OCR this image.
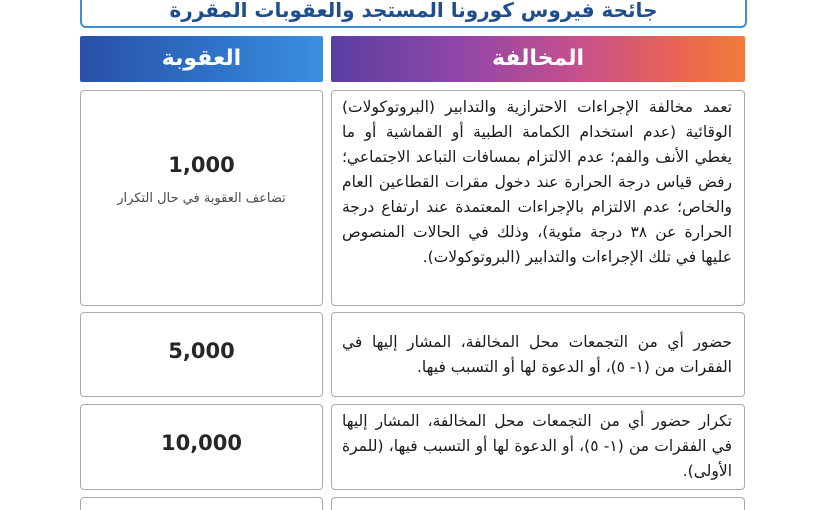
جائحة فيروس كورونا المستجد والعقوبات المقررة
المخالفة
العقوبة
تعمد مخالفة الإجراءات الاحترازية والتدابير (البروتوكولات) الوقائية (عدم استخدام الكمامة الطبية أو القماشية أو ما يغطي الأنف والفم؛ عدم الالتزام بمسافات التباعد الاجتماعي؛ رفض قياس درجة الحرارة عند دخول مقرات القطاعين العام والخاص؛ عدم الالتزام بالإجراءات المعتمدة عند ارتفاع درجة الحرارة عن ٣٨ درجة مئوية)، وذلك في الحالات المنصوص عليها في تلك الإجراءات والتدابير (البروتوكولات).
1,000
تضاعف العقوبة في حال التكرار
حضور أي من التجمعات محل المخالفة، المشار إليها في الفقرات من (١- ٥)، أو الدعوة لها أو التسبب فيها.
5,000
تكرار حضور أي من التجمعات محل المخالفة، المشار إليها في الفقرات من (١- ٥)، أو الدعوة لها أو التسبب فيها، (للمرة الأولى).
10,000
